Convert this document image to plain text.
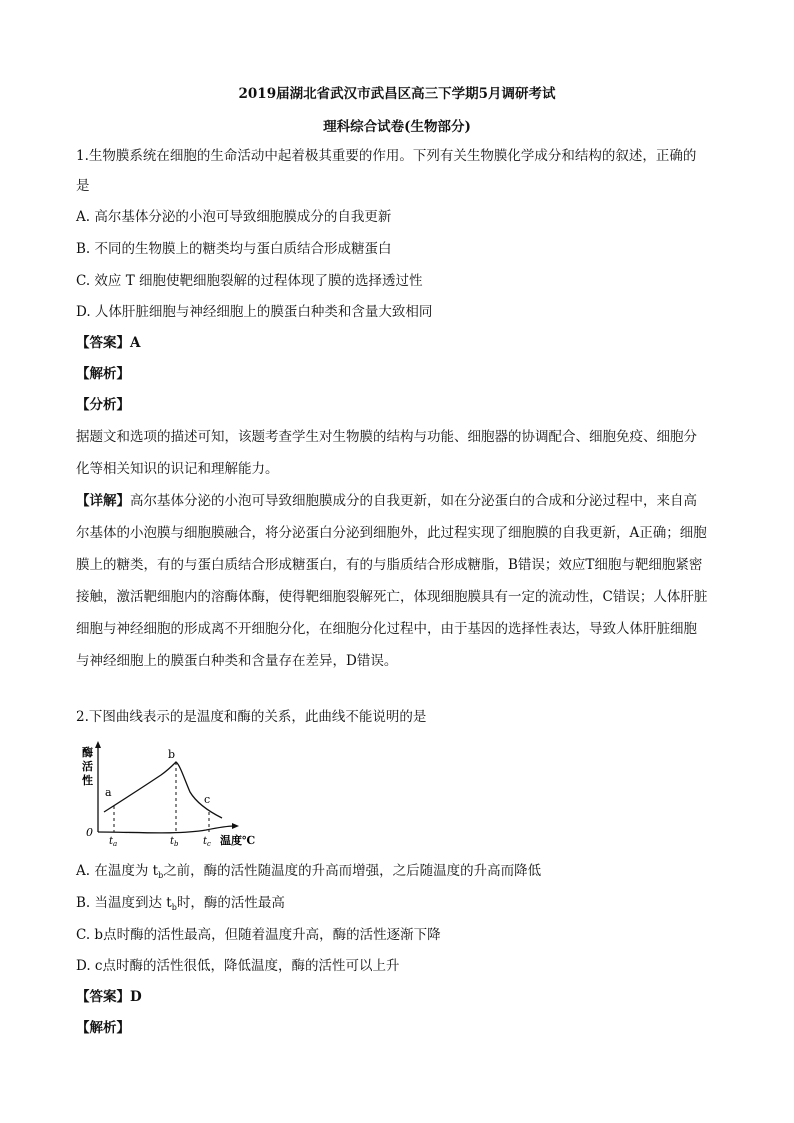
2019届湖北省武汉市武昌区高三下学期5月调研考试
理科综合试卷(生物部分)
1.生物膜系统在细胞的生命活动中起着极其重要的作用。下列有关生物膜化学成分和结构的叙述，正确的
是
A. 高尔基体分泌的小泡可导致细胞膜成分的自我更新
B. 不同的生物膜上的糖类均与蛋白质结合形成糖蛋白
C. 效应 T 细胞使靶细胞裂解的过程体现了膜的选择透过性
D. 人体肝脏细胞与神经细胞上的膜蛋白种类和含量大致相同
【答案】A
【解析】
【分析】
据题文和选项的描述可知，该题考查学生对生物膜的结构与功能、细胞器的协调配合、细胞免疫、细胞分
化等相关知识的识记和理解能力。
【详解】高尔基体分泌的小泡可导致细胞膜成分的自我更新，如在分泌蛋白的合成和分泌过程中，来自高
尔基体的小泡膜与细胞膜融合，将分泌蛋白分泌到细胞外，此过程实现了细胞膜的自我更新，A正确；细胞
膜上的糖类，有的与蛋白质结合形成糖蛋白，有的与脂质结合形成糖脂，B错误；效应T细胞与靶细胞紧密
接触，激活靶细胞内的溶酶体酶，使得靶细胞裂解死亡，体现细胞膜具有一定的流动性，C错误；人体肝脏
细胞与神经细胞的形成离不开细胞分化，在细胞分化过程中，由于基因的选择性表达，导致人体肝脏细胞
与神经细胞上的膜蛋白种类和含量存在差异，D错误。
2.下图曲线表示的是温度和酶的关系，此曲线不能说明的是
酶
活
性
0
温度℃
a
b
c
$t_a$	$t_b$ $t_c$
A. 在温度为 $t_b$之前，酶的活性随温度的升高而增强，之后随温度的升高而降低
B. 当温度到达 $t_b$时，酶的活性最高
C. b点时酶的活性最高，但随着温度升高，酶的活性逐渐下降
D. c点时酶的活性很低，降低温度，酶的活性可以上升
【答案】D
【解析】
